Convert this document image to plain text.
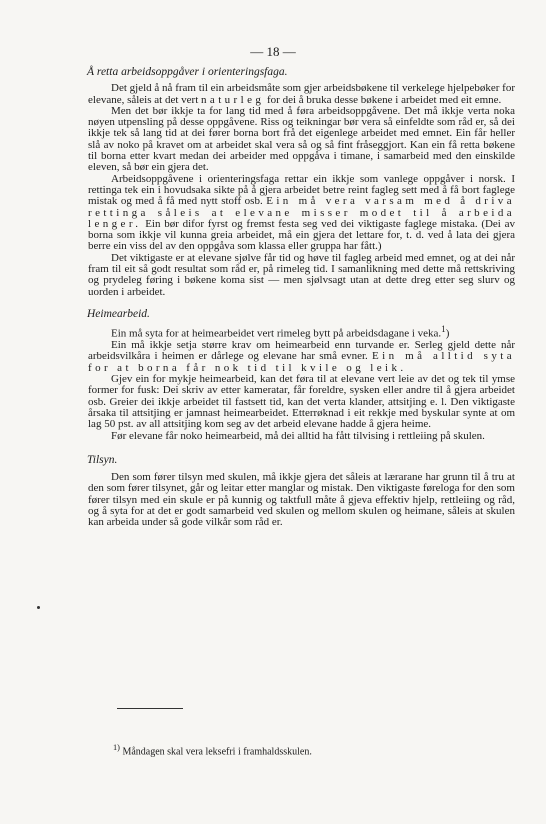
— 18 —
Å retta arbeidsoppgåver i orienteringsfaga.

Det gjeld å nå fram til ein arbeidsmåte som gjer arbeidsbøkene til verkelege hjelpebøker for elevane, såleis at det vert naturleg for dei å bruka desse bøkene i arbeidet med eit emne.

Men det bør ikkje ta for lang tid med å føra arbeidsoppgåvene. Det må ikkje verta noka nøyen utpensling på desse oppgåvene. Riss og teikningar bør vera så einfeldte som råd er, så dei ikkje tek så lang tid at dei fører borna bort frå det eigenlege arbeidet med emnet. Ein får heller slå av noko på kravet om at arbeidet skal vera så og så fint fråseggjort. Kan ein få retta bøkene til borna etter kvart medan dei arbeider med oppgåva i timane, i samarbeid med den einskilde eleven, så bør ein gjera det.

Arbeidsoppgåvene i orienteringsfaga rettar ein ikkje som vanlege oppgåver i norsk. I rettinga tek ein i hovudsaka sikte på å gjera arbeidet betre reint fagleg sett med å få bort faglege mistak og med å få med nytt stoff osb. Ein må vera varsam med å driva rettinga såleis at elevane misser modet til å arbeida lenger. Ein bør difor fyrst og fremst festa seg ved dei viktigaste faglege mistaka. (Dei av borna som ikkje vil kunna greia arbeidet, må ein gjera det lettare for, t. d. ved å lata dei gjera berre ein viss del av den oppgåva som klassa eller gruppa har fått.)

Det viktigaste er at elevane sjølve får tid og høve til fagleg arbeid med emnet, og at dei når fram til eit så godt resultat som råd er, på rimeleg tid. I samanlikning med dette må rettskriving og prydeleg føring i bøkene koma sist — men sjølvsagt utan at dette dreg etter seg slurv og uorden i arbeidet.

Heimearbeid.

Ein må syta for at heimearbeidet vert rimeleg bytt på arbeidsdagane i veka.$^1$)

Ein må ikkje setja større krav om heimearbeid enn turvande er. Serleg gjeld dette når arbeidsvilkåra i heimen er dårlege og elevane har små evner. Ein må alltid syta for at borna får nok tid til kvile og leik.

Gjev ein for mykje heimearbeid, kan det føra til at elevane vert leie av det og tek til ymse former for fusk: Dei skriv av etter kameratar, får foreldre, sysken eller andre til å gjera arbeidet osb. Greier dei ikkje arbeidet til fastsett tid, kan det verta klander, attsitjing e. l. Den viktigaste årsaka til attsitjing er jamnast heimearbeidet. Etterrøknad i eit rekkje med byskular synte at om lag 50 pst. av all attsitjing kom seg av det arbeid elevane hadde å gjera heime.

Før elevane får noko heimearbeid, må dei alltid ha fått tilvising i rettleiing på skulen.

Tilsyn.

Den som fører tilsyn med skulen, må ikkje gjera det såleis at lærarane har grunn til å tru at den som fører tilsynet, går og leitar etter manglar og mistak. Den viktigaste føreloga for den som fører tilsyn med ein skule er på kunnig og taktfull måte å gjeva effektiv hjelp, rettleiing og råd, og å syta for at det er godt samarbeid ved skulen og mellom skulen og heimane, såleis at skulen kan arbeida under så gode vilkår som råd er.

$^{1)}$ Måndagen skal vera leksefri i framhaldsskulen.
